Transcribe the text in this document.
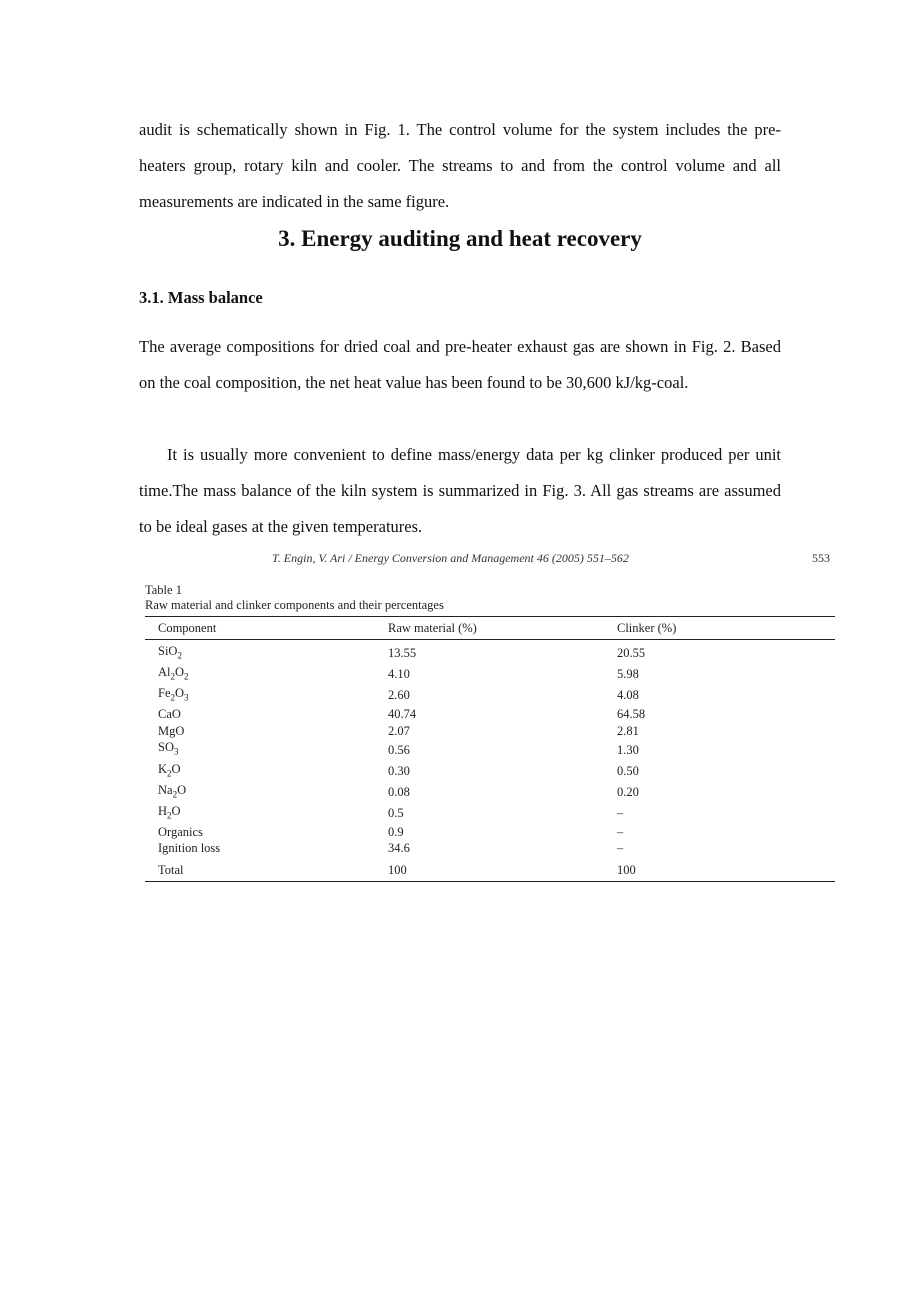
audit is schematically shown in Fig. 1. The control volume for the system includes the pre-heaters group, rotary kiln and cooler. The streams to and from the control volume and all measurements are indicated in the same figure.

3. Energy auditing and heat recovery
3.1. Mass balance

The average compositions for dried coal and pre-heater exhaust gas are shown in Fig. 2. Based on the coal composition, the net heat value has been found to be 30,600 kJ/kg-coal.

It is usually more convenient to define mass/energy data per kg clinker produced per unit time.The mass balance of the kiln system is summarized in Fig. 3. All gas streams are assumed to be ideal gases at the given temperatures.

T. Engin, V. Ari / Energy Conversion and Management 46 (2005) 551–562	553

Table 1

Raw material and clinker components and their percentages

Component	Raw material (%)	Clinker (%)
SiO$_2$	13.55	20.55
$Al_2O_2$	4.10	5.98
$Fe_2O_3$	2.60	4.08
CaO	40.74	64.58
MgO	2.07	2.81
$SO_3$	0.56	1.30
$K_2O$	0.30	0.50
$Na_2O$	0.08	0.20
$H_2O$	0.5	–
Organics	0.9	–
Ignition loss	34.6	–
Total	100	100
